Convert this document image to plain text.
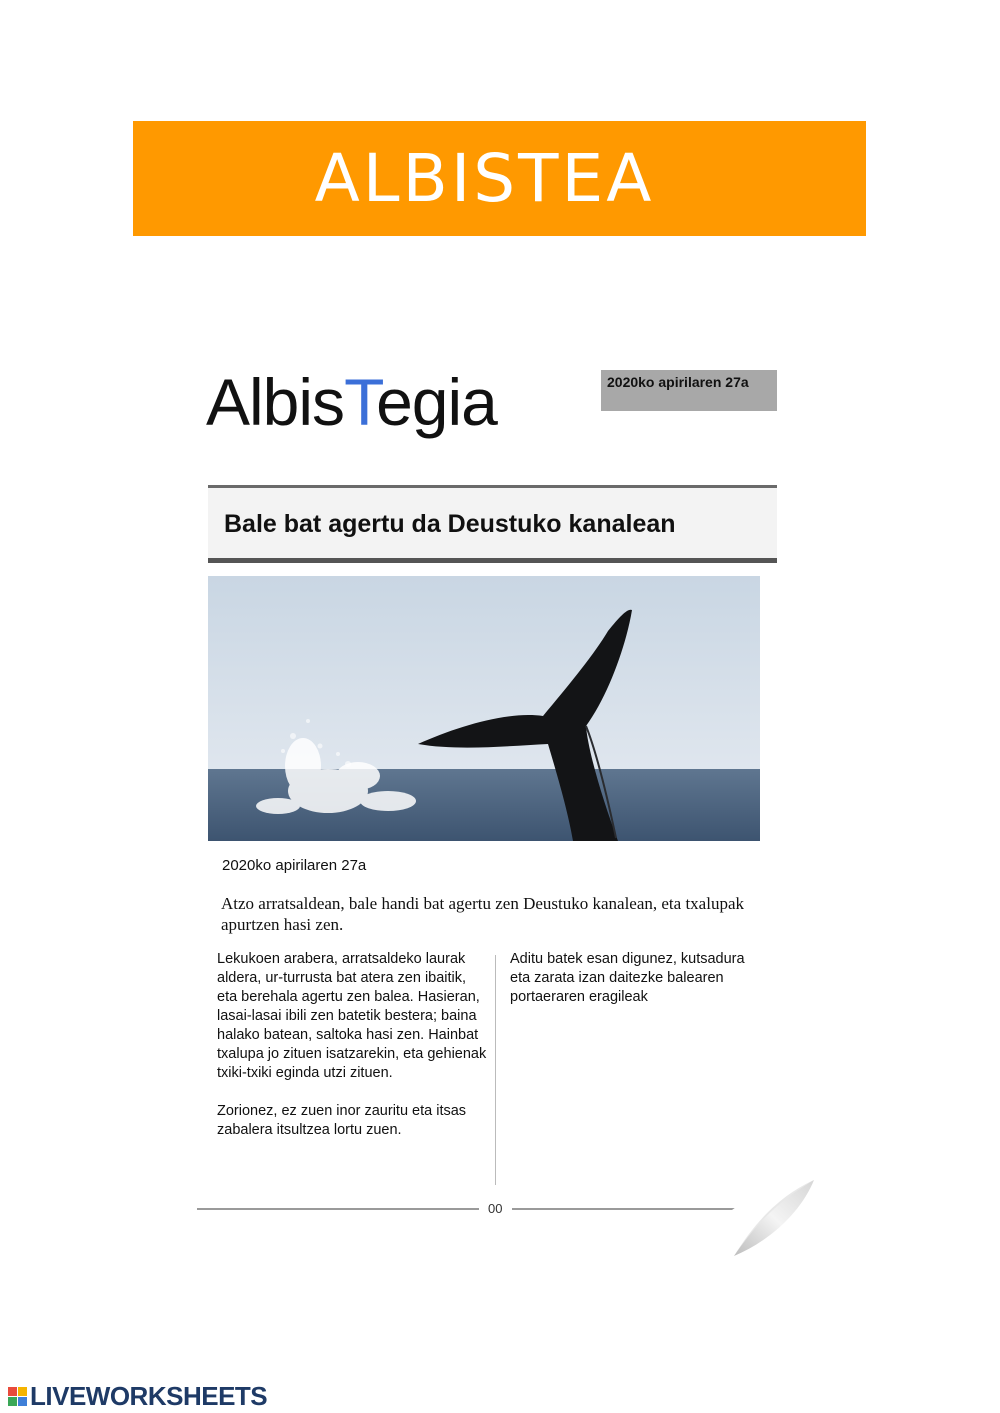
ALBISTEA
AlbisTegia	2020ko apirilaren 27a
Bale bat agertu da Deustuko kanalean
2020ko apirilaren 27a
Atzo arratsaldean, bale handi bat agertu zen Deustuko kanalean, eta txalupak apurtzen hasi zen.

Lekukoen arabera, arratsaldeko laurak aldera, ur-turrusta bat atera zen ibaitik, eta berehala agertu zen balea. Hasieran, lasai-lasai ibili zen batetik bestera; baina halako batean, saltoka hasi zen. Hainbat txalupa jo zituen isatzarekin, eta gehienak txiki-txiki eginda utzi zituen.

Zorionez, ez zuen inor zauritu eta itsas zabalera itsultzea lortu zuen.

Aditu batek esan digunez, kutsadura eta zarata izan daitezke balearen portaeraren eragileak
00
LIVEWORKSHEETS
